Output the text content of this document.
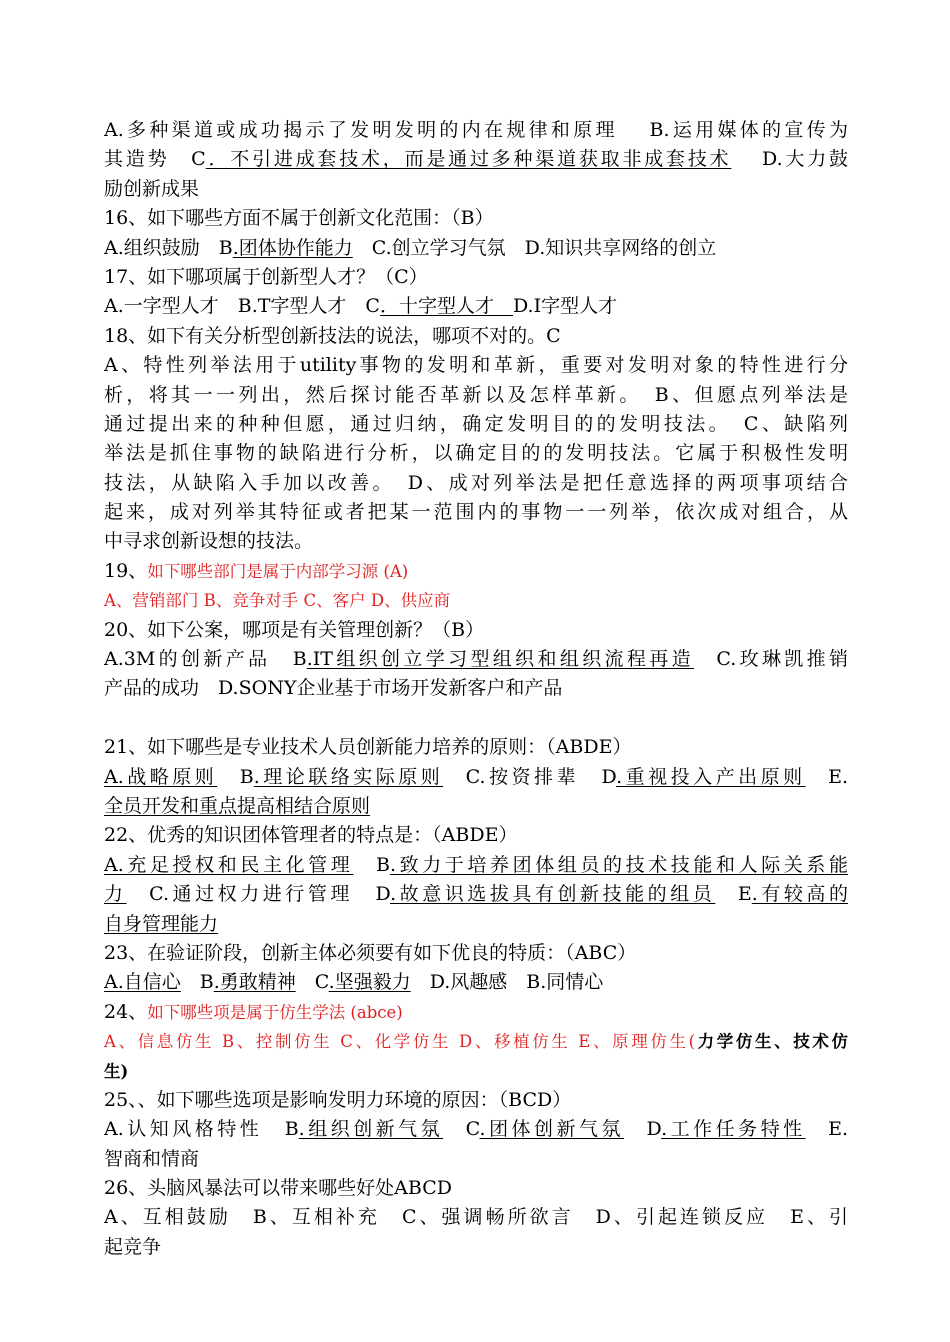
A.多种渠道或成功揭示了发明发明的内在规律和原理　 B.运用媒体的宣传为
其造势　C．不引进成套技术，而是通过多种渠道获取非成套技术　 D.大力鼓
励创新成果
16、如下哪些方面不属于创新文化范围：（B）
A.组织鼓励　B.团体协作能力　C.创立学习气氛　D.知识共享网络的创立
17、如下哪项属于创新型人才？（C）
A.一字型人才　B.T字型人才　C．十字型人才　D.I字型人才
18、如下有关分析型创新技法的说法，哪项不对的。C
A、特性列举法用于utility事物的发明和革新，重要对发明对象的特性进行分
析，将其一一列出，然后探讨能否革新以及怎样革新。　B、但愿点列举法是
通过提出来的种种但愿，通过归纳，确定发明目的的发明技法。　C、缺陷列
举法是抓住事物的缺陷进行分析，以确定目的的发明技法。它属于积极性发明
技法，从缺陷入手加以改善。　D、成对列举法是把任意选择的两项事项结合
起来，成对列举其特征或者把某一范围内的事物一一列举，依次成对组合，从
中寻求创新设想的技法。
19、如下哪些部门是属于内部学习源 (A)
A、营销部门 B、竞争对手 C、客户 D、供应商
20、如下公案，哪项是有关管理创新？（B）
A.3M的创新产品　B.IT组织创立学习型组织和组织流程再造　C.玫琳凯推销
产品的成功　D.SONY企业基于市场开发新客户和产品
21、如下哪些是专业技术人员创新能力培养的原则：（ABDE）
A.战略原则　B.理论联络实际原则　C.按资排辈　D.重视投入产出原则　E.
全员开发和重点提高相结合原则
22、优秀的知识团体管理者的特点是：（ABDE）
A.充足授权和民主化管理　B.致力于培养团体组员的技术技能和人际关系能
力　C.通过权力进行管理　D.故意识选拔具有创新技能的组员　E.有较高的
自身管理能力
23、在验证阶段，创新主体必须要有如下优良的特质：（ABC）
A.自信心　B.勇敢精神　C.坚强毅力　D.风趣感　B.同情心
24、如下哪些项是属于仿生学法 (abce)
A、信息仿生 B、控制仿生 C、化学仿生 D、移植仿生 E、原理仿生(力学仿生、技术仿
生)
25、、如下哪些选项是影响发明力环境的原因：（BCD）
A.认知风格特性　B.组织创新气氛　C.团体创新气氛　D.工作任务特性　E.
智商和情商
26、头脑风暴法可以带来哪些好处ABCD
A、互相鼓励　B、互相补充　C、强调畅所欲言　D、引起连锁反应　E、引
起竞争
